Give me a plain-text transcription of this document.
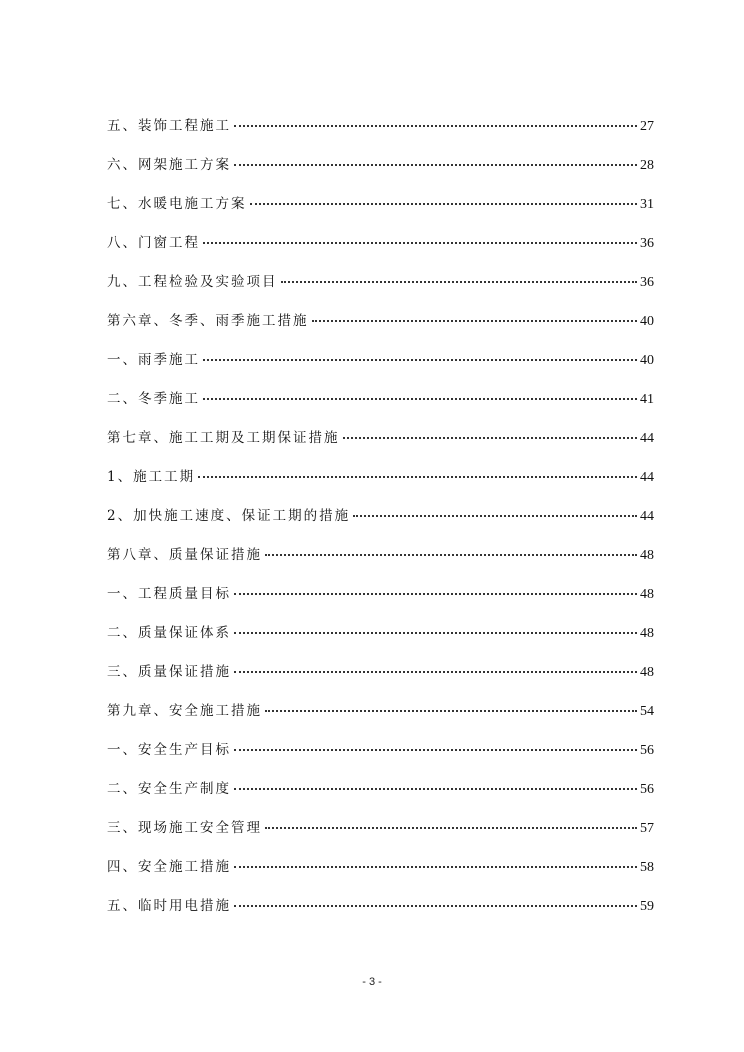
五、装饰工程施工	27
六、网架施工方案	28
七、水暖电施工方案	31
八、门窗工程	36
九、工程检验及实验项目	36
第六章、冬季、雨季施工措施	40
一、雨季施工	40
二、冬季施工	41
第七章、施工工期及工期保证措施	44
1、施工工期	44
2、加快施工速度、保证工期的措施	44
第八章、质量保证措施	48
一、工程质量目标	48
二、质量保证体系	48
三、质量保证措施	48
第九章、安全施工措施	54
一、安全生产目标	56
二、安全生产制度	56
三、现场施工安全管理	57
四、安全施工措施	58
五、临时用电措施	59
- 3 -
